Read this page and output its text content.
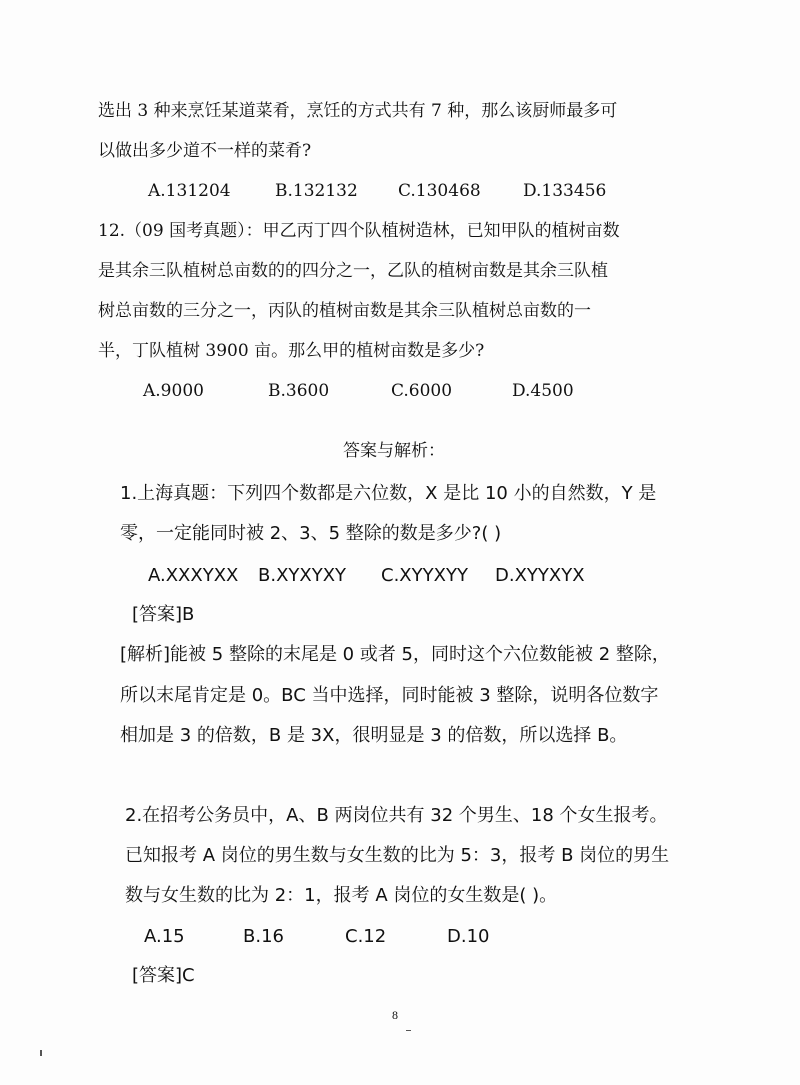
选出 3 种来烹饪某道菜肴，烹饪的方式共有 7 种，那么该厨师最多可
以做出多少道不一样的菜肴?
A.131204	B.132132 C.130468 D.133456
12.（09 国考真题）：甲乙丙丁四个队植树造林，已知甲队的植树亩数
是其余三队植树总亩数的的四分之一，乙队的植树亩数是其余三队植
树总亩数的三分之一，丙队的植树亩数是其余三队植树总亩数的一
半，丁队植树 3900 亩。那么甲的植树亩数是多少?
A.9000	B.3600	C.6000	D.4500
答案与解析：
1.上海真题：下列四个数都是六位数，X 是比 10 小的自然数，Y 是
零，一定能同时被 2、3、5 整除的数是多少?( )
A.XXXYXX B.XYXYXY C.XYYXYY D.XYYXYX
[答案]B
[解析]能被 5 整除的末尾是 0 或者 5，同时这个六位数能被 2 整除，
所以末尾肯定是 0。BC 当中选择，同时能被 3 整除，说明各位数字
相加是 3 的倍数，B 是 3X，很明显是 3 的倍数，所以选择 B。
2.在招考公务员中，A、B 两岗位共有 32 个男生、18 个女生报考。
已知报考 A 岗位的男生数与女生数的比为 5：3，报考 B 岗位的男生
数与女生数的比为 2：1，报考 A 岗位的女生数是( )。
A.15	B.16	C.12	D.10
[答案]C
8
